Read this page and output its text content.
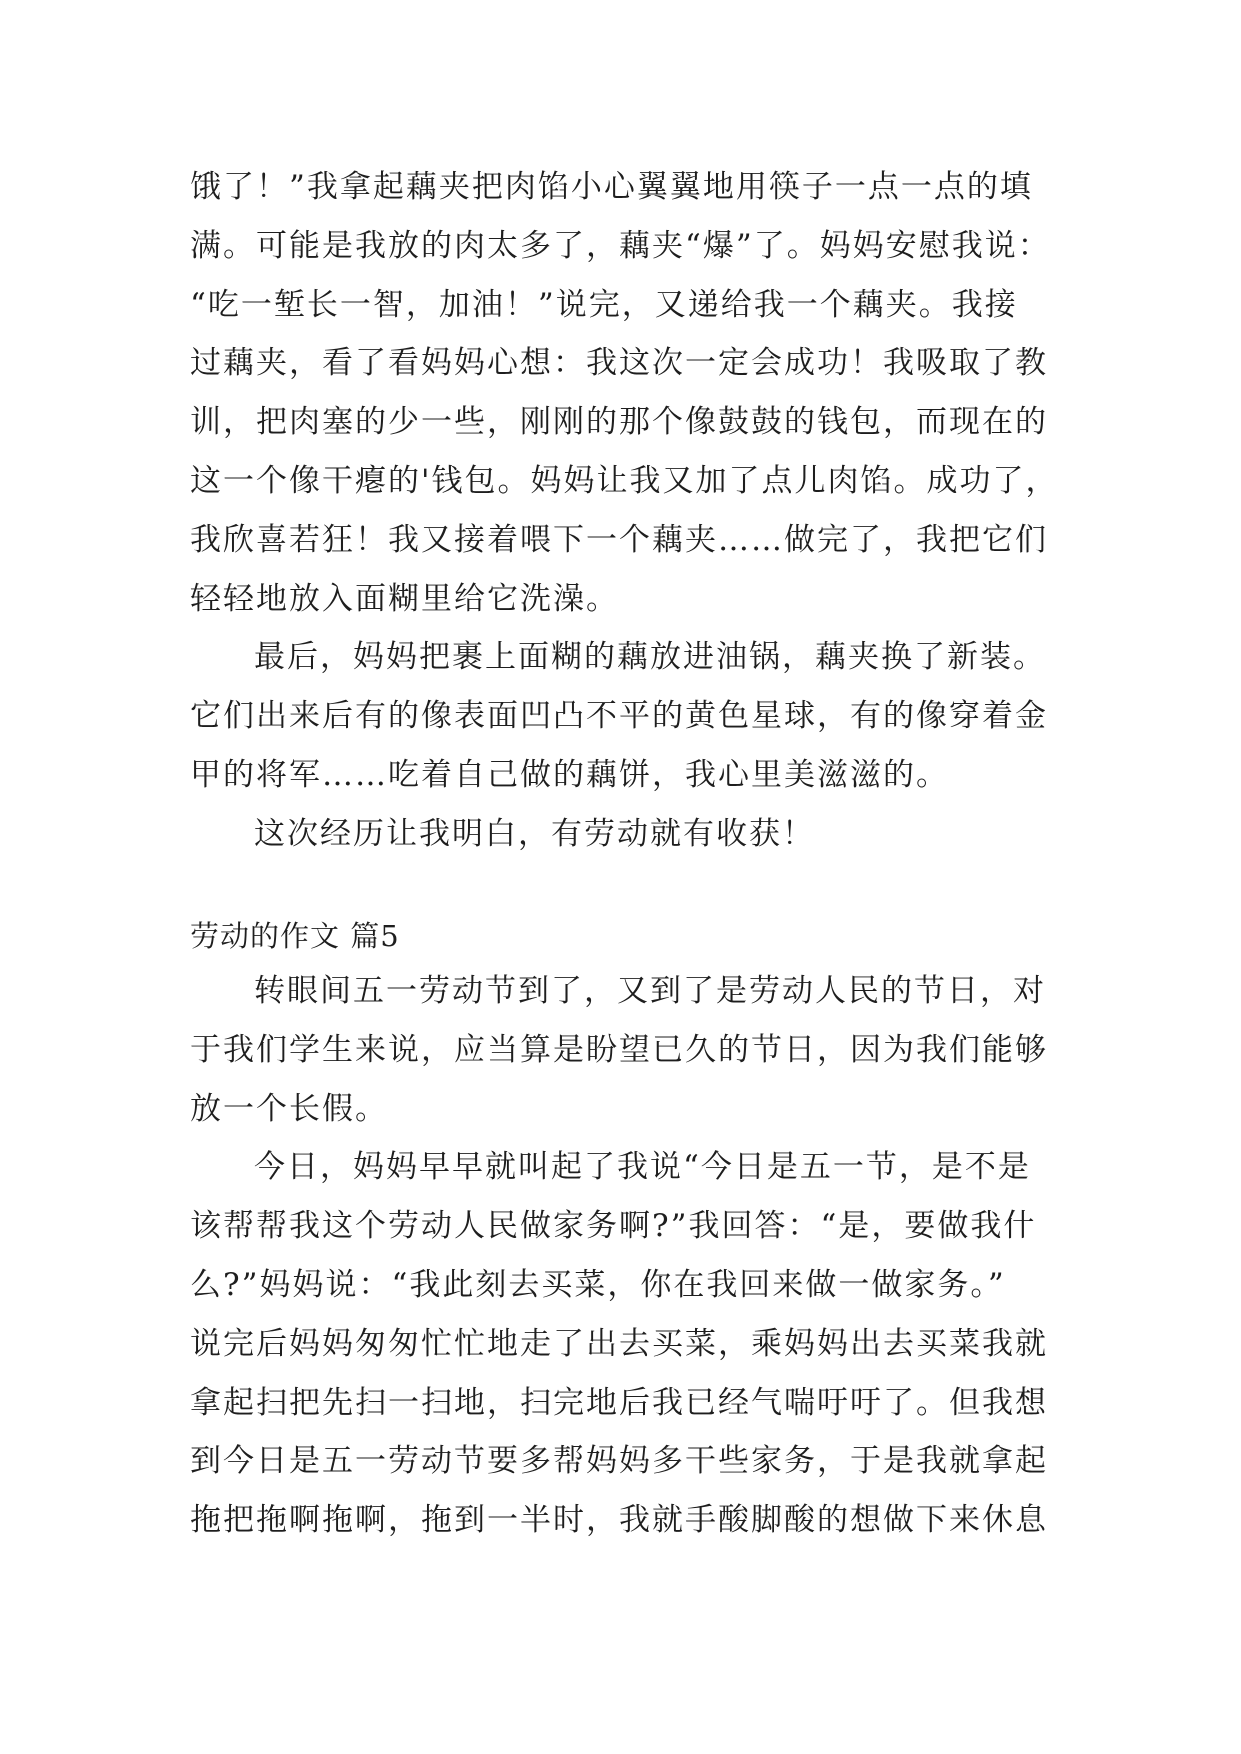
饿了！”我拿起藕夹把肉馅小心翼翼地用筷子一点一点的填
满。可能是我放的肉太多了，藕夹“爆”了。妈妈安慰我说：
“吃一堑长一智，加油！”说完，又递给我一个藕夹。我接
过藕夹，看了看妈妈心想：我这次一定会成功！我吸取了教
训，把肉塞的少一些，刚刚的那个像鼓鼓的钱包，而现在的
这一个像干瘪的'钱包。妈妈让我又加了点儿肉馅。成功了，
我欣喜若狂！我又接着喂下一个藕夹……做完了，我把它们
轻轻地放入面糊里给它洗澡。
最后，妈妈把裹上面糊的藕放进油锅，藕夹换了新装。
它们出来后有的像表面凹凸不平的黄色星球，有的像穿着金
甲的将军……吃着自己做的藕饼，我心里美滋滋的。
这次经历让我明白，有劳动就有收获！
劳动的作文 篇5
转眼间五一劳动节到了，又到了是劳动人民的节日，对
于我们学生来说，应当算是盼望已久的节日，因为我们能够
放一个长假。
今日，妈妈早早就叫起了我说“今日是五一节，是不是
该帮帮我这个劳动人民做家务啊?”我回答：“是，要做我什
么?”妈妈说：“我此刻去买菜，你在我回来做一做家务。”
说完后妈妈匆匆忙忙地走了出去买菜，乘妈妈出去买菜我就
拿起扫把先扫一扫地，扫完地后我已经气喘吁吁了。但我想
到今日是五一劳动节要多帮妈妈多干些家务，于是我就拿起
拖把拖啊拖啊，拖到一半时，我就手酸脚酸的想做下来休息
